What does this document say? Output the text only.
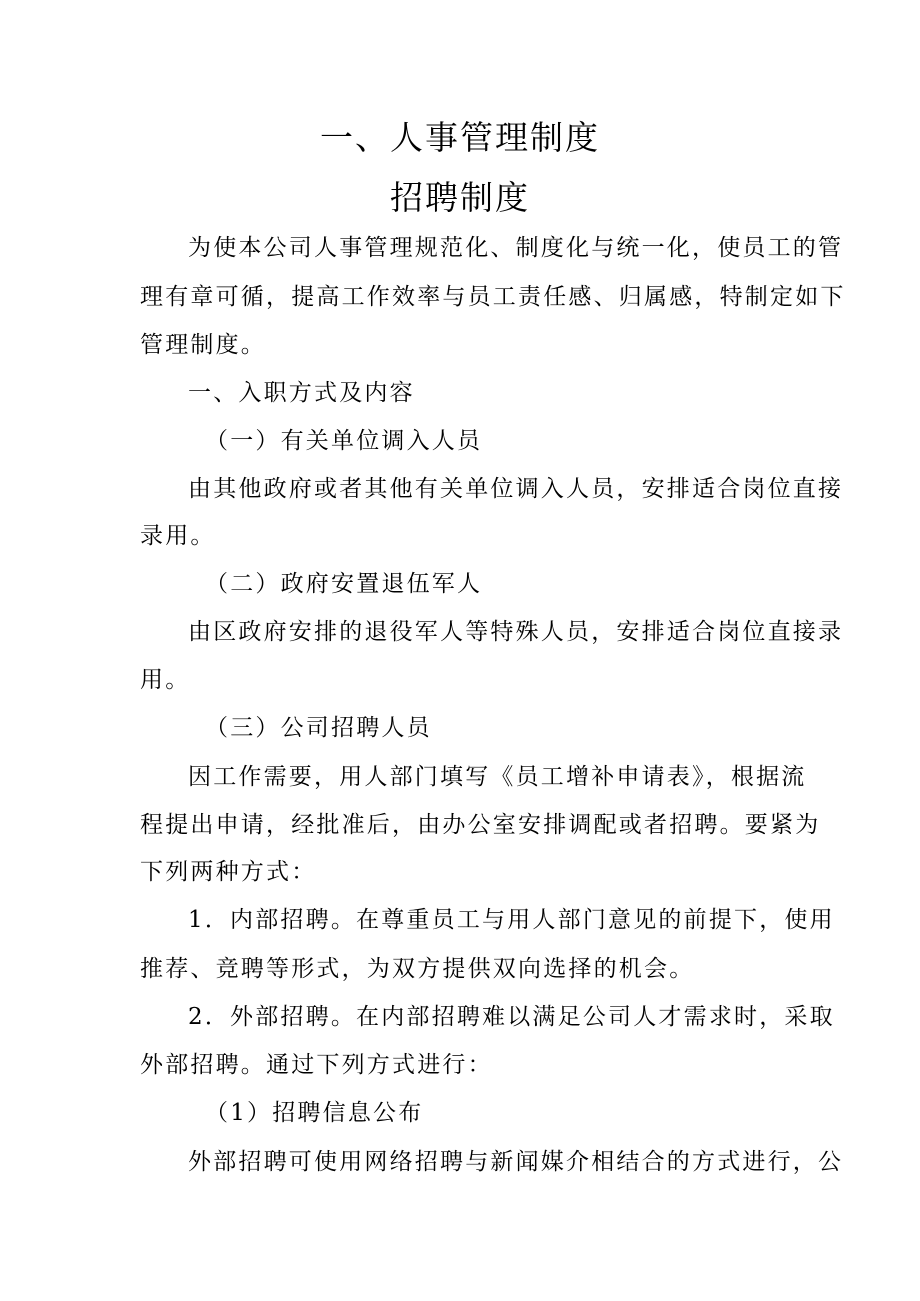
一、人事管理制度
招聘制度
为使本公司人事管理规范化、制度化与统一化，使员工的管
理有章可循，提高工作效率与员工责任感、归属感，特制定如下
管理制度。
一、入职方式及内容
（一）有关单位调入人员
由其他政府或者其他有关单位调入人员，安排适合岗位直接
录用。
（二）政府安置退伍军人
由区政府安排的退役军人等特殊人员，安排适合岗位直接录
用。
（三）公司招聘人员
因工作需要，用人部门填写《员工增补申请表》，根据流
程提出申请，经批准后，由办公室安排调配或者招聘。要紧为
下列两种方式：
1．内部招聘。在尊重员工与用人部门意见的前提下，使用
推荐、竞聘等形式，为双方提供双向选择的机会。
2．外部招聘。在内部招聘难以满足公司人才需求时，采取
外部招聘。通过下列方式进行：
（1）招聘信息公布
外部招聘可使用网络招聘与新闻媒介相结合的方式进行，公
